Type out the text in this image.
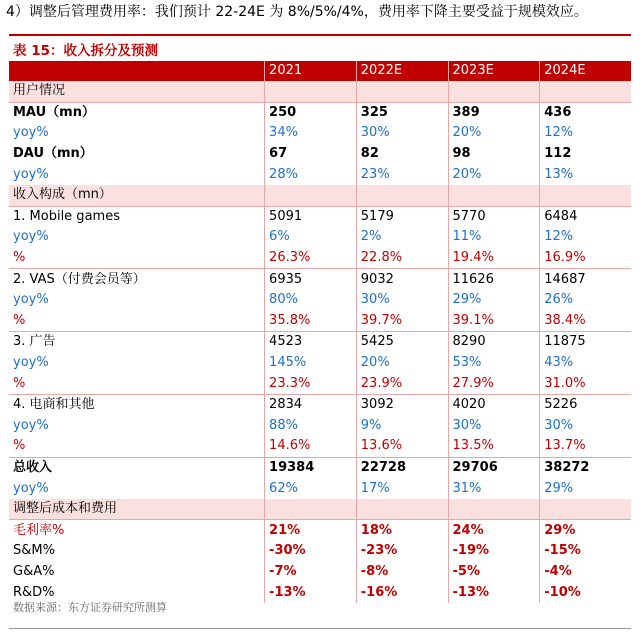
4）调整后管理费用率：我们预计 22-24E 为 8%/5%/4%，费用率下降主要受益于规模效应。
表 15：收入拆分及预测
	2021	2022E	2023E	2024E
用户情况				
MAU（mn）	250	325	389	436
yoy%	34%	30%	20%	12%
DAU（mn）	67	82	98	112
yoy%	28%	23%	20%	13%
收入构成（mn）				
1. Mobile games	5091	5179	5770	6484
yoy%	6%	2%	11%	12%
%	26.3%	22.8%	19.4%	16.9%
2. VAS（付费会员等）	6935	9032	11626	14687
yoy%	80%	30%	29%	26%
%	35.8%	39.7%	39.1%	38.4%
3. 广告	4523	5425	8290	11875
yoy%	145%	20%	53%	43%
%	23.3%	23.9%	27.9%	31.0%
4. 电商和其他	2834	3092	4020	5226
yoy%	88%	9%	30%	30%
%	14.6%	13.6%	13.5%	13.7%
总收入	19384	22728	29706	38272
yoy%	62%	17%	31%	29%
调整后成本和费用				
毛利率%	21%	18%	24%	29%
S&M%	-30%	-23%	-19%	-15%
G&A%	-7%	-8%	-5%	-4%
R&D%	-13%	-16%	-13%	-10%
数据来源：东方证券研究所测算
